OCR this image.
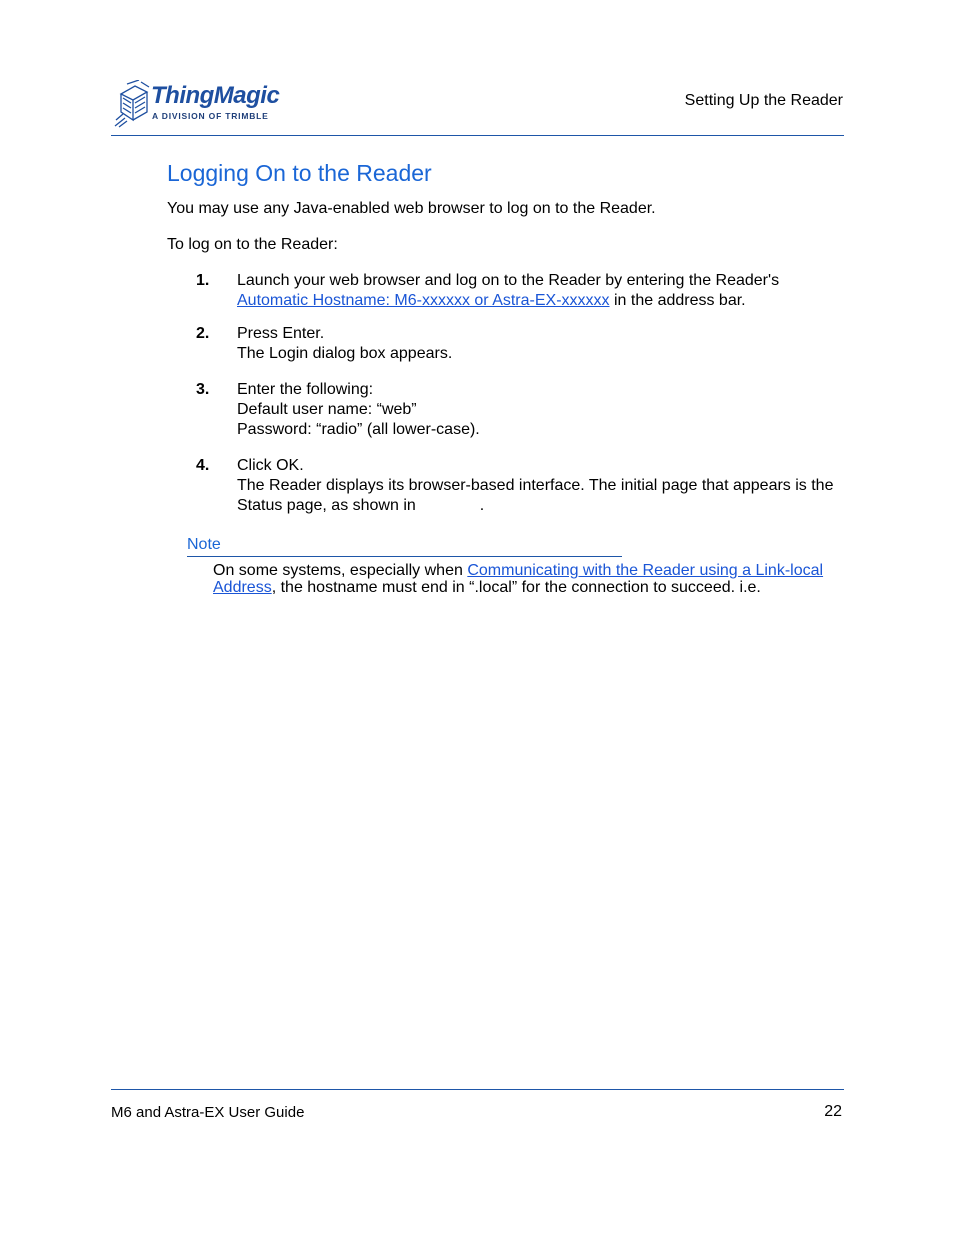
ThingMagic
A DIVISION OF TRIMBLE
Setting Up the Reader
Logging On to the Reader
You may use any Java-enabled web browser to log on to the Reader.
To log on to the Reader:
1. Launch your web browser and log on to the Reader by entering the Reader's
Automatic Hostname: M6-xxxxxx or Astra-EX-xxxxxx in the address bar.
2. Press Enter.
The Login dialog box appears.
3. Enter the following:
Default user name: “web”
Password: “radio” (all lower-case).
4. Click OK.
The Reader displays its browser-based interface. The initial page that appears is the Status page, as shown in	.
Note
On some systems, especially when Communicating with the Reader using a Link-local Address, the hostname must end in “.local” for the connection to succeed. i.e.
M6 and Astra-EX User Guide	22
